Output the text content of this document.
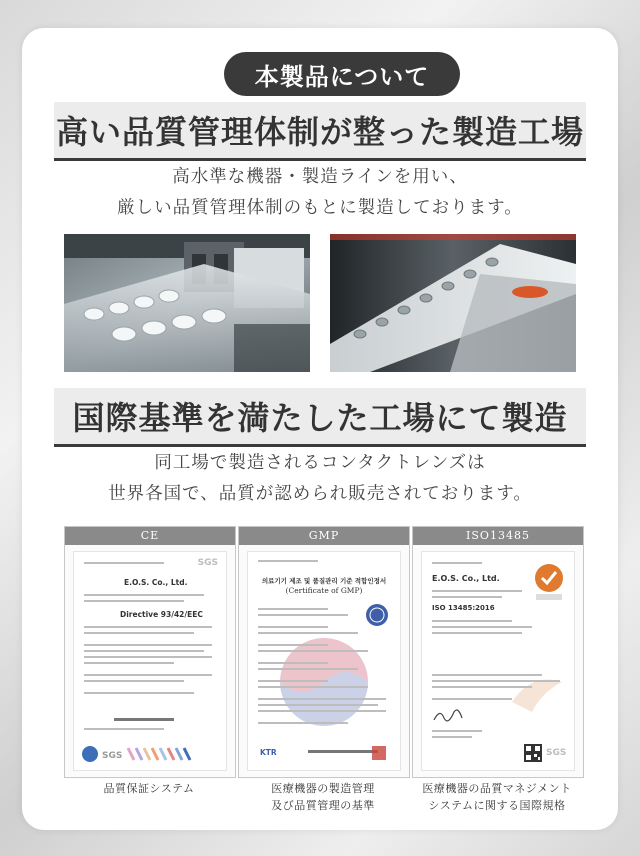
本製品について
高い品質管理体制が整った製造工場
高水準な機器・製造ラインを用い、
厳しい品質管理体制のもとに製造しております。
国際基準を満たした工場にて製造
同工場で製造されるコンタクトレンズは
世界各国で、品質が認められ販売されております。
CE
SGS
E.O.S. Co., Ltd.
Directive 93/42/EEC
SGS
GMP
의료기기 제조 및 품질관리 기준 적합인정서
(Certificate of GMP)
KTR
ISO13485
E.O.S. Co., Ltd.
ISO 13485:2016
SGS
品質保証システム	医療機器の製造管理
及び品質管理の基準
医療機器の品質マネジメント
システムに関する国際規格
